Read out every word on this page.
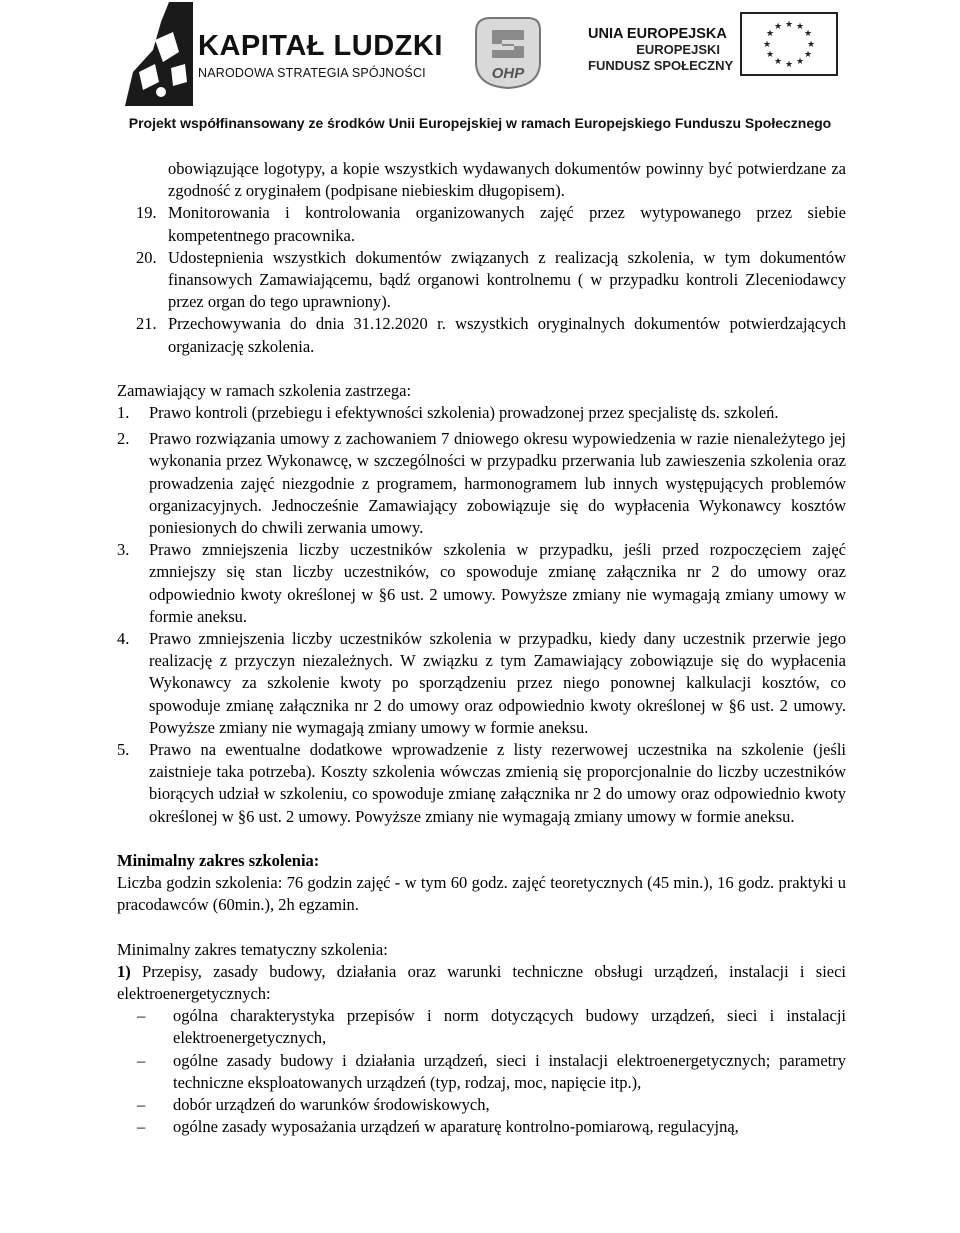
KAPITAŁ LUDZKI
NARODOWA STRATEGIA SPÓJNOŚCI	OHP
UNIA EUROPEJSKA
EUROPEJSKI
FUNDUSZ SPOŁECZNY
★ ★
★
★
★
★
★
★
★
★
★
★
Projekt współfinansowany ze środków Unii Europejskiej w ramach Europejskiego Funduszu Społecznego
obowiązujące logotypy, a kopie wszystkich wydawanych dokumentów powinny być potwierdzane za zgodność z oryginałem (podpisane niebieskim długopisem).
19. Monitorowania i kontrolowania organizowanych zajęć przez wytypowanego przez siebie kompetentnego pracownika.
20. Udostepnienia wszystkich dokumentów związanych z realizacją szkolenia, w tym dokumentów finansowych Zamawiającemu, bądź organowi kontrolnemu ( w przypadku kontroli Zleceniodawcy przez organ do tego uprawniony).
21. Przechowywania do dnia 31.12.2020 r. wszystkich oryginalnych dokumentów potwierdzających organizację szkolenia.

Zamawiający w ramach szkolenia zastrzega:

1. Prawo kontroli (przebiegu i efektywności szkolenia) prowadzonej przez specjalistę ds. szkoleń.
2. Prawo rozwiązania umowy z zachowaniem 7 dniowego okresu wypowiedzenia w razie nienależytego jej wykonania przez Wykonawcę, w szczególności w przypadku przerwania lub zawieszenia szkolenia oraz prowadzenia zajęć niezgodnie z programem, harmonogramem lub innych występujących problemów organizacyjnych. Jednocześnie Zamawiający zobowiązuje się do wypłacenia Wykonawcy kosztów poniesionych do chwili zerwania umowy.
3. Prawo zmniejszenia liczby uczestników szkolenia w przypadku, jeśli przed rozpoczęciem zajęć zmniejszy się stan liczby uczestników, co spowoduje zmianę załącznika nr 2 do umowy oraz odpowiednio kwoty określonej w §6 ust. 2 umowy. Powyższe zmiany nie wymagają zmiany umowy w formie aneksu.
4. Prawo zmniejszenia liczby uczestników szkolenia w przypadku, kiedy dany uczestnik przerwie jego realizację z przyczyn niezależnych. W związku z tym Zamawiający zobowiązuje się do wypłacenia Wykonawcy za szkolenie kwoty po sporządzeniu przez niego ponownej kalkulacji kosztów, co spowoduje zmianę załącznika nr 2 do umowy oraz odpowiednio kwoty określonej w §6 ust. 2 umowy. Powyższe zmiany nie wymagają zmiany umowy w formie aneksu.
5. Prawo na ewentualne dodatkowe wprowadzenie z listy rezerwowej uczestnika na szkolenie (jeśli zaistnieje taka potrzeba). Koszty szkolenia wówczas zmienią się proporcjonalnie do liczby uczestników biorących udział w szkoleniu, co spowoduje zmianę załącznika nr 2 do umowy oraz odpowiednio kwoty określonej w §6 ust. 2 umowy. Powyższe zmiany nie wymagają zmiany umowy w formie aneksu.

Minimalny zakres szkolenia:

Liczba godzin szkolenia: 76 godzin zajęć - w tym 60 godz. zajęć teoretycznych (45 min.), 16 godz. praktyki u pracodawców (60min.), 2h egzamin.

Minimalny zakres tematyczny szkolenia:

1) Przepisy, zasady budowy, działania oraz warunki techniczne obsługi urządzeń, instalacji i sieci elektroenergetycznych:

– ogólna charakterystyka przepisów i norm dotyczących budowy urządzeń, sieci i instalacji elektroenergetycznych,
– ogólne zasady budowy i działania urządzeń, sieci i instalacji elektroenergetycznych; parametry techniczne eksploatowanych urządzeń (typ, rodzaj, moc, napięcie itp.),
– dobór urządzeń do warunków środowiskowych,
– ogólne zasady wyposażania urządzeń w aparaturę kontrolno-pomiarową, regulacyjną,
